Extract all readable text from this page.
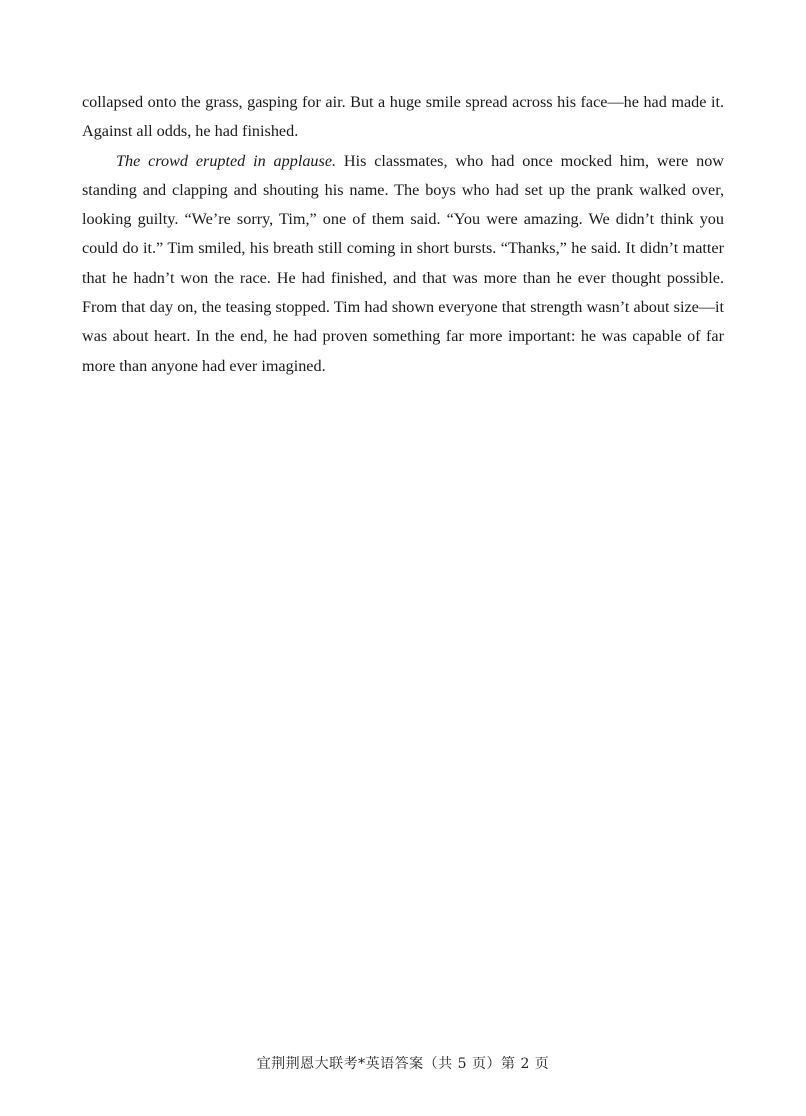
collapsed onto the grass, gasping for air. But a huge smile spread across his face—he had made it. Against all odds, he had finished.

The crowd erupted in applause. His classmates, who had once mocked him, were now standing and clapping and shouting his name. The boys who had set up the prank walked over, looking guilty. “We’re sorry, Tim,” one of them said. “You were amazing. We didn’t think you could do it.” Tim smiled, his breath still coming in short bursts. “Thanks,” he said. It didn’t matter that he hadn’t won the race. He had finished, and that was more than he ever thought possible. From that day on, the teasing stopped. Tim had shown everyone that strength wasn’t about size—it was about heart. In the end, he had proven something far more important: he was capable of far more than anyone had ever imagined.

宜荆荆恩大联考*英语答案（共 5 页）第 2 页
